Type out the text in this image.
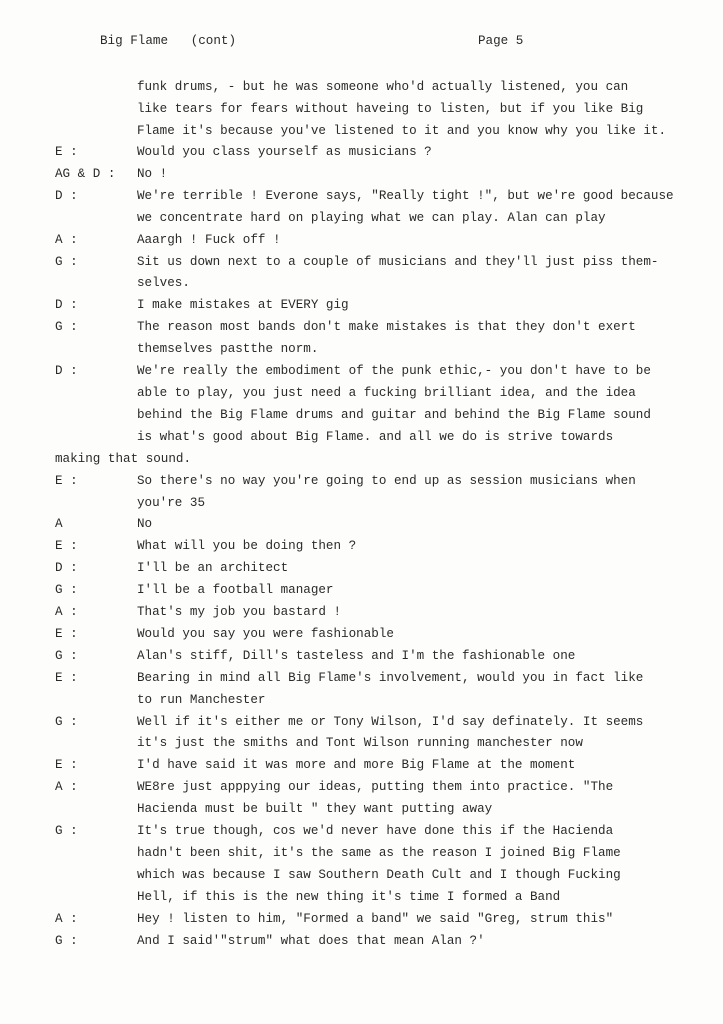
Big Flame   (cont)	Page 5
funk drums, - but he was someone who'd actually listened, you can
like tears for fears without haveing to listen, but if you like Big
Flame it's because you've listened to it and you know why you like it.
E :	Would you class yourself as musicians ?
AG & D : No !
D :	We're terrible ! Everone says, "Really tight !", but we're good because
we concentrate hard on playing what we can play. Alan can play
A :	Aaargh ! Fuck off !
G :	Sit us down next to a couple of musicians and they'll just piss them-
selves.
D :	I make mistakes at EVERY gig
G :	The reason most bands don't make mistakes is that they don't exert
themselves pastthe norm.
D :	We're really the embodiment of the punk ethic,- you don't have to be
able to play, you just need a fucking brilliant idea, and the idea
behind the Big Flame drums and guitar and behind the Big Flame sound
is what's good about Big Flame. and all we do is strive towards
making that sound.
E :	So there's no way you're going to end up as session musicians when
you're 35
A	No
E :	What will you be doing then ?
D :	I'll be an architect
G :	I'll be a football manager
A :	That's my job you bastard !
E :	Would you say you were fashionable
G :	Alan's stiff, Dill's tasteless and I'm the fashionable one
E :	Bearing in mind all Big Flame's involvement, would you in fact like
to run Manchester
G :	Well if it's either me or Tony Wilson, I'd say definately. It seems
it's just the smiths and Tont Wilson running manchester now
E :	I'd have said it was more and more Big Flame at the moment
A :	WE8re just apppying our ideas, putting them into practice. "The
Hacienda must be built " they want putting away
G :	It's true though, cos we'd never have done this if the Hacienda
hadn't been shit, it's the same as the reason I joined Big Flame
which was because I saw Southern Death Cult and I though Fucking
Hell, if this is the new thing it's time I formed a Band
A :	Hey ! listen to him, "Formed a band" we said "Greg, strum this"
G :	And I said'"strum" what does that mean Alan ?'
